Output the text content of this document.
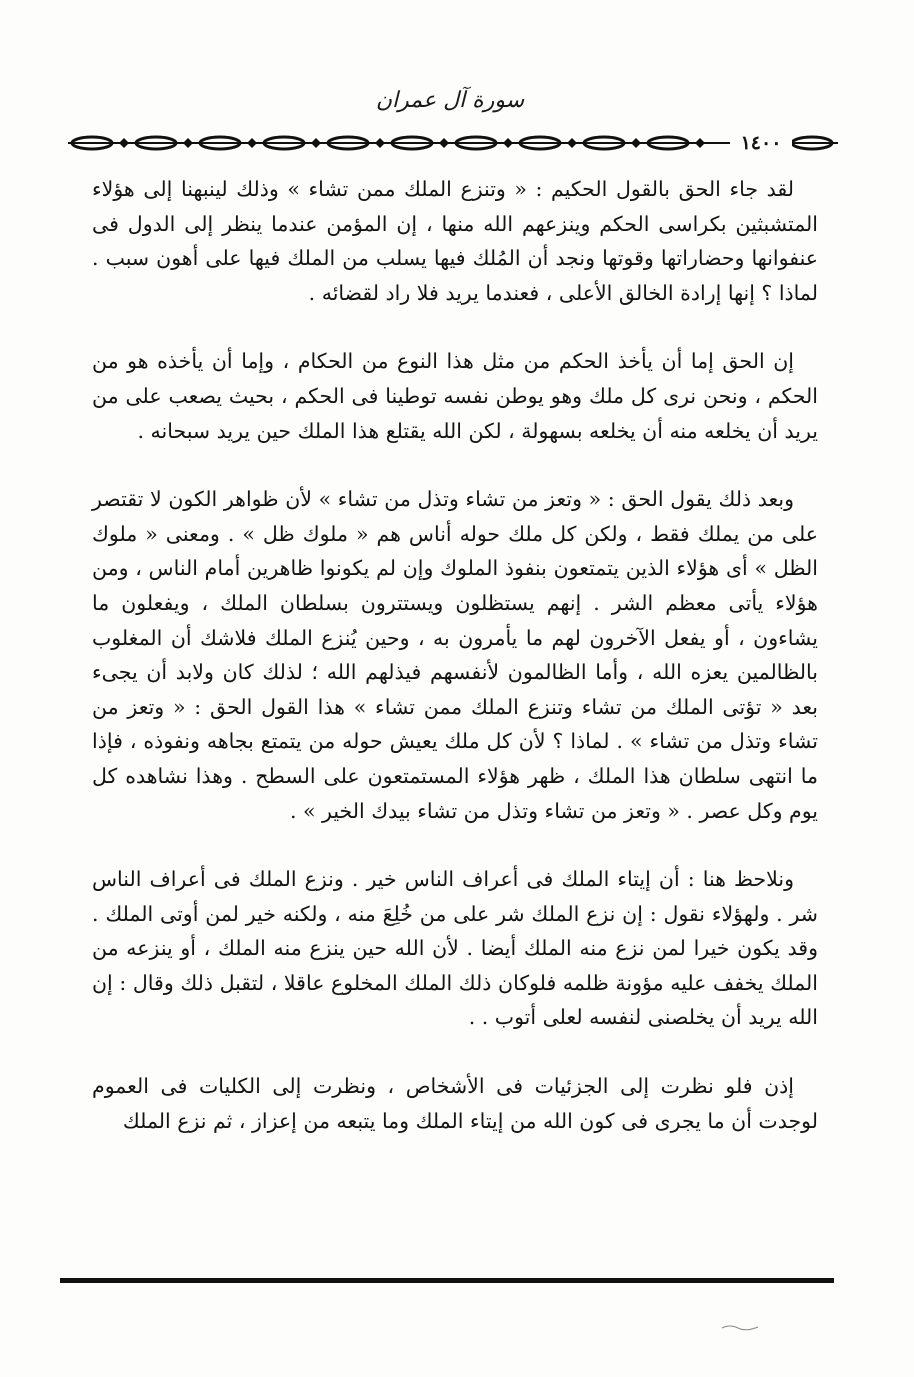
سورة آل عمران
١٤٠٠

لقد جاء الحق بالقول الحكيم : « وتنزع الملك ممن تشاء » وذلك لينبهنا إلى هؤلاء المتشبثين بكراسى الحكم وينزعهم الله منها ، إن المؤمن عندما ينظر إلى الدول فى عنفوانها وحضاراتها وقوتها ونجد أن المُلك فيها يسلب من الملك فيها على أهون سبب . لماذا ؟ إنها إرادة الخالق الأعلى ، فعندما يريد فلا راد لقضائه .

إن الحق إما أن يأخذ الحكم من مثل هذا النوع من الحكام ، وإما أن يأخذه هو من الحكم ، ونحن نرى كل ملك وهو يوطن نفسه توطينا فى الحكم ، بحيث يصعب على من يريد أن يخلعه منه أن يخلعه بسهولة ، لكن الله يقتلع هذا الملك حين يريد سبحانه .

وبعد ذلك يقول الحق : « وتعز من تشاء وتذل من تشاء » لأن ظواهر الكون لا تقتصر على من يملك فقط ، ولكن كل ملك حوله أناس هم « ملوك ظل » . ومعنى « ملوك الظل » أى هؤلاء الذين يتمتعون بنفوذ الملوك وإن لم يكونوا ظاهرين أمام الناس ، ومن هؤلاء يأتى معظم الشر . إنهم يستظلون ويستترون بسلطان الملك ، ويفعلون ما يشاءون ، أو يفعل الآخرون لهم ما يأمرون به ، وحين يُنزع الملك فلاشك أن المغلوب بالظالمين يعزه الله ، وأما الظالمون لأنفسهم فيذلهم الله ؛ لذلك كان ولابد أن يجىء بعد « تؤتى الملك من تشاء وتنزع الملك ممن تشاء » هذا القول الحق : « وتعز من تشاء وتذل من تشاء » . لماذا ؟ لأن كل ملك يعيش حوله من يتمتع بجاهه ونفوذه ، فإذا ما انتهى سلطان هذا الملك ، ظهر هؤلاء المستمتعون على السطح . وهذا نشاهده كل يوم وكل عصر . « وتعز من تشاء وتذل من تشاء بيدك الخير » .

ونلاحظ هنا : أن إيتاء الملك فى أعراف الناس خير . ونزع الملك فى أعراف الناس شر . ولهؤلاء نقول : إن نزع الملك شر على من خُلِعَ منه ، ولكنه خير لمن أوتى الملك . وقد يكون خيرا لمن نزع منه الملك أيضا . لأن الله حين ينزع منه الملك ، أو ينزعه من الملك يخفف عليه مؤونة ظلمه فلوكان ذلك الملك المخلوع عاقلا ، لتقبل ذلك وقال : إن الله يريد أن يخلصنى لنفسه لعلى أتوب . .

إذن فلو نظرت إلى الجزئيات فى الأشخاص ، ونظرت إلى الكليات فى العموم لوجدت أن ما يجرى فى كون الله من إيتاء الملك وما يتبعه من إعزاز ، ثم نزع الملك
